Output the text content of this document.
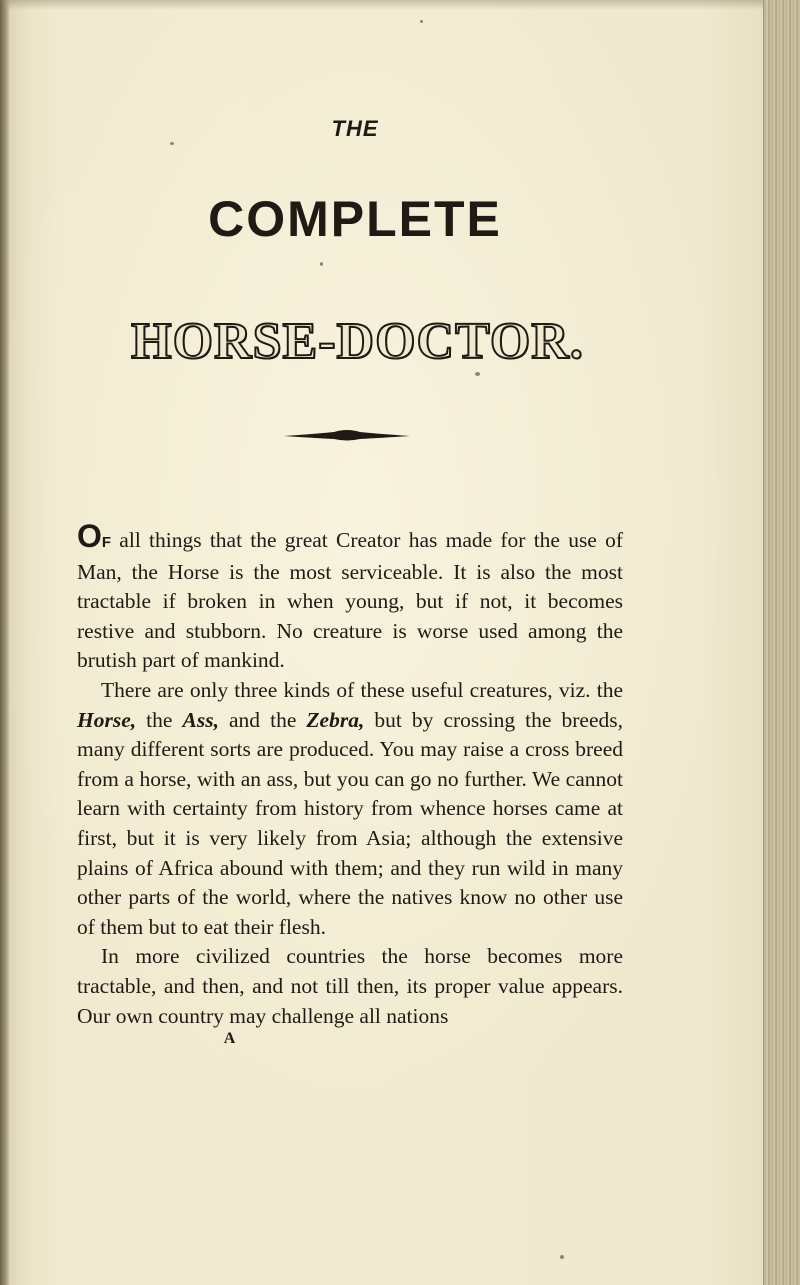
THE
COMPLETE
HORSE-DOCTOR.

OF all things that the great Creator has made for the use of Man, the Horse is the most serviceable. It is also the most tractable if broken in when young, but if not, it becomes restive and stubborn. No creature is worse used among the brutish part of mankind.

There are only three kinds of these useful creatures, viz. the Horse, the Ass, and the Zebra, but by crossing the breeds, many different sorts are produced. You may raise a cross breed from a horse, with an ass, but you can go no further. We cannot learn with certainty from history from whence horses came at first, but it is very likely from Asia; although the extensive plains of Africa abound with them; and they run wild in many other parts of the world, where the natives know no other use of them but to eat their flesh.

In more civilized countries the horse becomes more tractable, and then, and not till then, its proper value appears. Our own country may challenge all nations

A
